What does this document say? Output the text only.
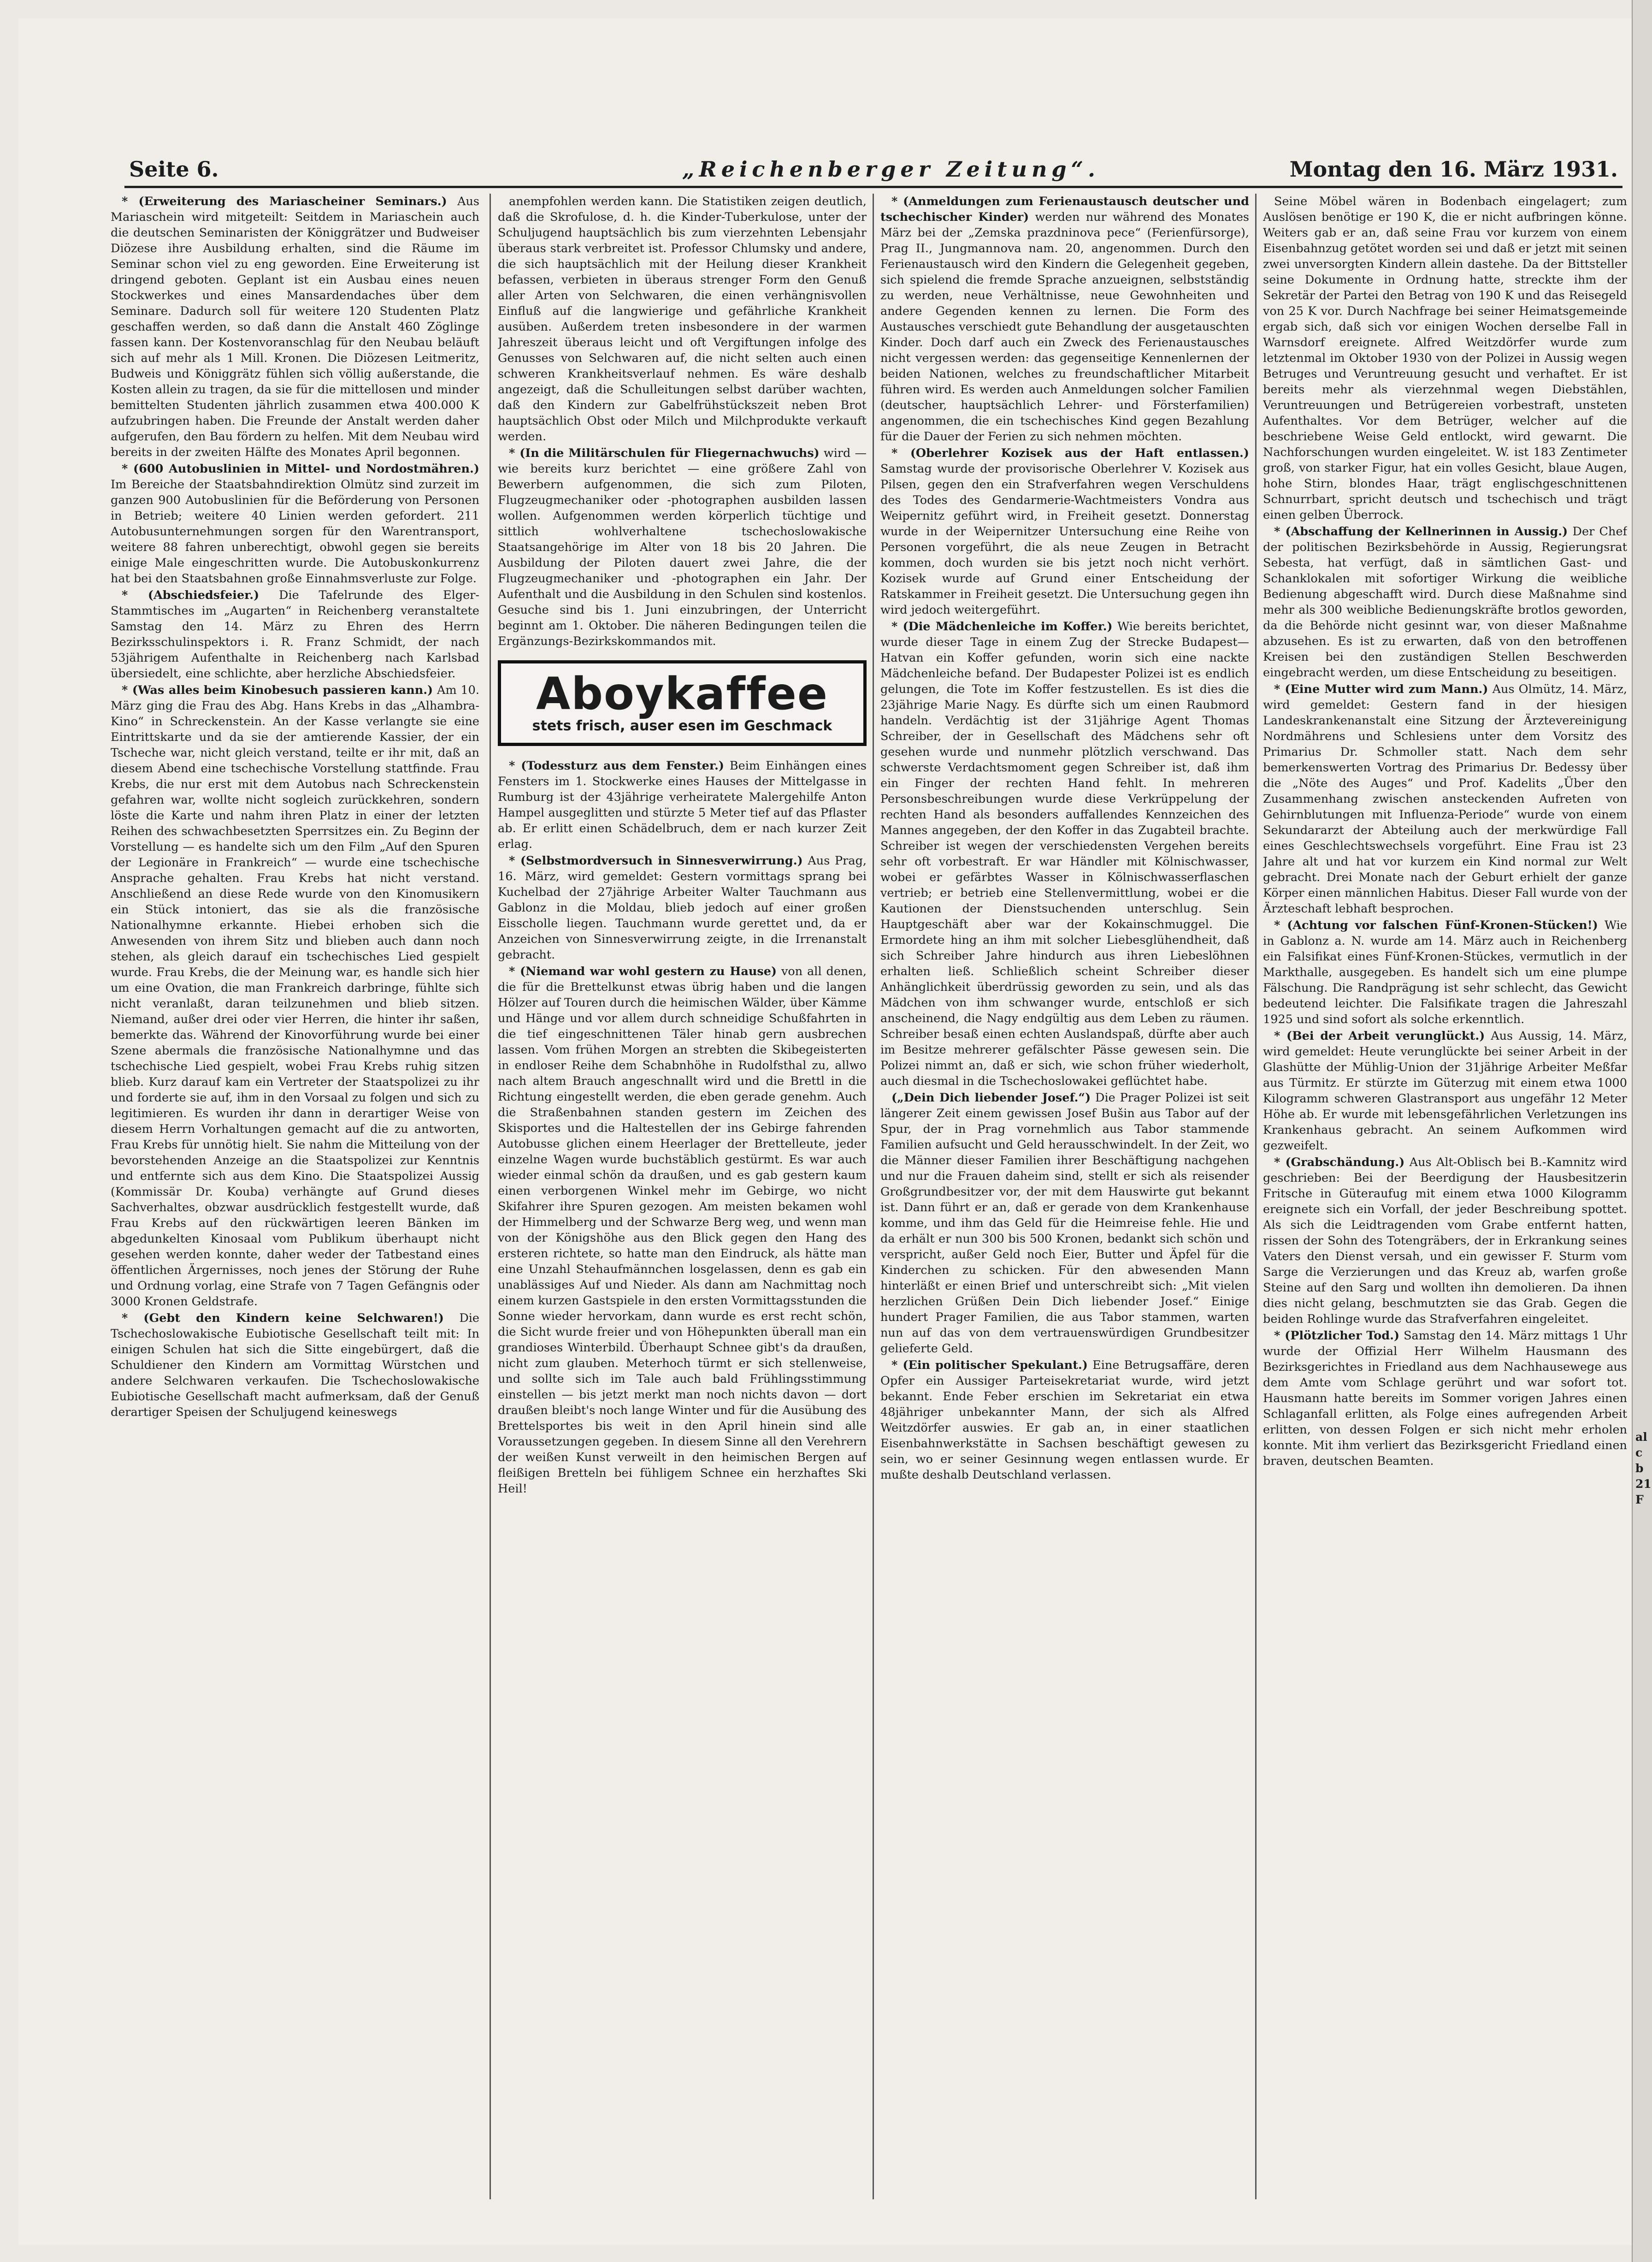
Seite 6.	„Reichenberger Zeitung“.	Montag den 16. März 1931.

* (Erweiterung des Mariascheiner Seminars.) Aus Mariaschein wird mitgeteilt: Seitdem in Mariaschein auch die deutschen Seminaristen der Königgrätzer und Budweiser Diözese ihre Ausbildung erhalten, sind die Räume im Seminar schon viel zu eng geworden. Eine Erweiterung ist dringend geboten. Geplant ist ein Ausbau eines neuen Stockwerkes und eines Mansardendaches über dem Seminare. Dadurch soll für weitere 120 Studenten Platz geschaffen werden, so daß dann die Anstalt 460 Zöglinge fassen kann. Der Kostenvoranschlag für den Neubau beläuft sich auf mehr als 1 Mill. Kronen. Die Diözesen Leitmeritz, Budweis und Königgrätz fühlen sich völlig außerstande, die Kosten allein zu tragen, da sie für die mittellosen und minder bemittelten Studenten jährlich zusammen etwa 400.000 K aufzubringen haben. Die Freunde der Anstalt werden daher aufgerufen, den Bau fördern zu helfen. Mit dem Neubau wird bereits in der zweiten Hälfte des Monates April begonnen.

* (600 Autobuslinien in Mittel- und Nordostmähren.) Im Bereiche der Staatsbahndirektion Olmütz sind zurzeit im ganzen 900 Autobuslinien für die Beförderung von Personen in Betrieb; weitere 40 Linien werden gefordert. 211 Autobusunternehmungen sorgen für den Warentransport, weitere 88 fahren unberechtigt, obwohl gegen sie bereits einige Male eingeschritten wurde. Die Autobuskonkurrenz hat bei den Staatsbahnen große Einnahmsverluste zur Folge.

* (Abschiedsfeier.) Die Tafelrunde des Elger-Stammtisches im „Augarten“ in Reichenberg veranstaltete Samstag den 14. März zu Ehren des Herrn Bezirksschulinspektors i. R. Franz Schmidt, der nach 53jährigem Aufenthalte in Reichenberg nach Karlsbad übersiedelt, eine schlichte, aber herzliche Abschiedsfeier.

* (Was alles beim Kinobesuch passieren kann.) Am 10. März ging die Frau des Abg. Hans Krebs in das „Alhambra-Kino“ in Schreckenstein. An der Kasse verlangte sie eine Eintrittskarte und da sie der amtierende Kassier, der ein Tscheche war, nicht gleich verstand, teilte er ihr mit, daß an diesem Abend eine tschechische Vorstellung stattfinde. Frau Krebs, die nur erst mit dem Autobus nach Schreckenstein gefahren war, wollte nicht sogleich zurückkehren, sondern löste die Karte und nahm ihren Platz in einer der letzten Reihen des schwachbesetzten Sperrsitzes ein. Zu Beginn der Vorstellung — es handelte sich um den Film „Auf den Spuren der Legionäre in Frankreich“ — wurde eine tschechische Ansprache gehalten. Frau Krebs hat nicht verstand. Anschließend an diese Rede wurde von den Kinomusikern ein Stück intoniert, das sie als die französische Nationalhymne erkannte. Hiebei erhoben sich die Anwesenden von ihrem Sitz und blieben auch dann noch stehen, als gleich darauf ein tschechisches Lied gespielt wurde. Frau Krebs, die der Meinung war, es handle sich hier um eine Ovation, die man Frankreich darbringe, fühlte sich nicht veranlaßt, daran teilzunehmen und blieb sitzen. Niemand, außer drei oder vier Herren, die hinter ihr saßen, bemerkte das. Während der Kinovorführung wurde bei einer Szene abermals die französische Nationalhymne und das tschechische Lied gespielt, wobei Frau Krebs ruhig sitzen blieb. Kurz darauf kam ein Vertreter der Staatspolizei zu ihr und forderte sie auf, ihm in den Vorsaal zu folgen und sich zu legitimieren. Es wurden ihr dann in derartiger Weise von diesem Herrn Vorhaltungen gemacht auf die zu antworten, Frau Krebs für unnötig hielt. Sie nahm die Mitteilung von der bevorstehenden Anzeige an die Staatspolizei zur Kenntnis und entfernte sich aus dem Kino. Die Staatspolizei Aussig (Kommissär Dr. Kouba) verhängte auf Grund dieses Sachverhaltes, obzwar ausdrücklich festgestellt wurde, daß Frau Krebs auf den rückwärtigen leeren Bänken im abgedunkelten Kinosaal vom Publikum überhaupt nicht gesehen werden konnte, daher weder der Tatbestand eines öffentlichen Ärgernisses, noch jenes der Störung der Ruhe und Ordnung vorlag, eine Strafe von 7 Tagen Gefängnis oder 3000 Kronen Geldstrafe.

* (Gebt den Kindern keine Selchwaren!) Die Tschechoslowakische Eubiotische Gesellschaft teilt mit: In einigen Schulen hat sich die Sitte eingebürgert, daß die Schuldiener den Kindern am Vormittag Würstchen und andere Selchwaren verkaufen. Die Tschechoslowakische Eubiotische Gesellschaft macht aufmerksam, daß der Genuß derartiger Speisen der Schuljugend keineswegs

anempfohlen werden kann. Die Statistiken zeigen deutlich, daß die Skrofulose, d. h. die Kinder-Tuberkulose, unter der Schuljugend hauptsächlich bis zum vierzehnten Lebensjahr überaus stark verbreitet ist. Professor Chlumsky und andere, die sich hauptsächlich mit der Heilung dieser Krankheit befassen, verbieten in überaus strenger Form den Genuß aller Arten von Selchwaren, die einen verhängnisvollen Einfluß auf die langwierige und gefährliche Krankheit ausüben. Außerdem treten insbesondere in der warmen Jahreszeit überaus leicht und oft Vergiftungen infolge des Genusses von Selchwaren auf, die nicht selten auch einen schweren Krankheitsverlauf nehmen. Es wäre deshalb angezeigt, daß die Schulleitungen selbst darüber wachten, daß den Kindern zur Gabelfrühstückszeit neben Brot hauptsächlich Obst oder Milch und Milchprodukte verkauft werden.

* (In die Militärschulen für Fliegernachwuchs) wird — wie bereits kurz berichtet — eine größere Zahl von Bewerbern aufgenommen, die sich zum Piloten, Flugzeugmechaniker oder -photographen ausbilden lassen wollen. Aufgenommen werden körperlich tüchtige und sittlich wohlverhaltene tschechoslowakische Staatsangehörige im Alter von 18 bis 20 Jahren. Die Ausbildung der Piloten dauert zwei Jahre, die der Flugzeugmechaniker und -photographen ein Jahr. Der Aufenthalt und die Ausbildung in den Schulen sind kostenlos. Gesuche sind bis 1. Juni einzubringen, der Unterricht beginnt am 1. Oktober. Die näheren Bedingungen teilen die Ergänzungs-Bezirkskommandos mit.

Aboykaffee
stets frisch, auser esen im Geschmack

* (Todessturz aus dem Fenster.) Beim Einhängen eines Fensters im 1. Stockwerke eines Hauses der Mittelgasse in Rumburg ist der 43jährige verheiratete Malergehilfe Anton Hampel ausgeglitten und stürzte 5 Meter tief auf das Pflaster ab. Er erlitt einen Schädelbruch, dem er nach kurzer Zeit erlag.

* (Selbstmordversuch in Sinnesverwirrung.) Aus Prag, 16. März, wird gemeldet: Gestern vormittags sprang bei Kuchelbad der 27jährige Arbeiter Walter Tauchmann aus Gablonz in die Moldau, blieb jedoch auf einer großen Eisscholle liegen. Tauchmann wurde gerettet und, da er Anzeichen von Sinnesverwirrung zeigte, in die Irrenanstalt gebracht.

* (Niemand war wohl gestern zu Hause) von all denen, die für die Brettelkunst etwas übrig haben und die langen Hölzer auf Touren durch die heimischen Wälder, über Kämme und Hänge und vor allem durch schneidige Schußfahrten in die tief eingeschnittenen Täler hinab gern ausbrechen lassen. Vom frühen Morgen an strebten die Skibegeisterten in endloser Reihe dem Schabnhöhe in Rudolfsthal zu, allwo nach altem Brauch angeschnallt wird und die Brettl in die Richtung eingestellt werden, die eben gerade genehm. Auch die Straßenbahnen standen gestern im Zeichen des Skisportes und die Haltestellen der ins Gebirge fahrenden Autobusse glichen einem Heerlager der Brettelleute, jeder einzelne Wagen wurde buchstäblich gestürmt. Es war auch wieder einmal schön da draußen, und es gab gestern kaum einen verborgenen Winkel mehr im Gebirge, wo nicht Skifahrer ihre Spuren gezogen. Am meisten bekamen wohl der Himmelberg und der Schwarze Berg weg, und wenn man von der Königshöhe aus den Blick gegen den Hang des ersteren richtete, so hatte man den Eindruck, als hätte man eine Unzahl Stehaufmännchen losgelassen, denn es gab ein unablässiges Auf und Nieder. Als dann am Nachmittag noch einem kurzen Gastspiele in den ersten Vormittagsstunden die Sonne wieder hervorkam, dann wurde es erst recht schön, die Sicht wurde freier und von Höhepunkten überall man ein grandioses Winterbild. Überhaupt Schnee gibt's da draußen, nicht zum glauben. Meterhoch türmt er sich stellenweise, und sollte sich im Tale auch bald Frühlingsstimmung einstellen — bis jetzt merkt man noch nichts davon — dort draußen bleibt's noch lange Winter und für die Ausübung des Brettelsportes bis weit in den April hinein sind alle Voraussetzungen gegeben. In diesem Sinne all den Verehrern der weißen Kunst verweilt in den heimischen Bergen auf fleißigen Bretteln bei fühligem Schnee ein herzhaftes Ski Heil!

* (Anmeldungen zum Ferienaustausch deutscher und tschechischer Kinder) werden nur während des Monates März bei der „Zemska prazdninova pece“ (Ferienfürsorge), Prag II., Jungmannova nam. 20, angenommen. Durch den Ferienaustausch wird den Kindern die Gelegenheit gegeben, sich spielend die fremde Sprache anzueignen, selbstständig zu werden, neue Verhältnisse, neue Gewohnheiten und andere Gegenden kennen zu lernen. Die Form des Austausches verschiedt gute Behandlung der ausgetauschten Kinder. Doch darf auch ein Zweck des Ferienaustausches nicht vergessen werden: das gegenseitige Kennenlernen der beiden Nationen, welches zu freundschaftlicher Mitarbeit führen wird. Es werden auch Anmeldungen solcher Familien (deutscher, hauptsächlich Lehrer- und Försterfamilien) angenommen, die ein tschechisches Kind gegen Bezahlung für die Dauer der Ferien zu sich nehmen möchten.

* (Oberlehrer Kozisek aus der Haft entlassen.) Samstag wurde der provisorische Oberlehrer V. Kozisek aus Pilsen, gegen den ein Strafverfahren wegen Verschuldens des Todes des Gendarmerie-Wachtmeisters Vondra aus Weipernitz geführt wird, in Freiheit gesetzt. Donnerstag wurde in der Weipernitzer Untersuchung eine Reihe von Personen vorgeführt, die als neue Zeugen in Betracht kommen, doch wurden sie bis jetzt noch nicht verhört. Kozisek wurde auf Grund einer Entscheidung der Ratskammer in Freiheit gesetzt. Die Untersuchung gegen ihn wird jedoch weitergeführt.

* (Die Mädchenleiche im Koffer.) Wie bereits berichtet, wurde dieser Tage in einem Zug der Strecke Budapest—Hatvan ein Koffer gefunden, worin sich eine nackte Mädchenleiche befand. Der Budapester Polizei ist es endlich gelungen, die Tote im Koffer festzustellen. Es ist dies die 23jährige Marie Nagy. Es dürfte sich um einen Raubmord handeln. Verdächtig ist der 31jährige Agent Thomas Schreiber, der in Gesellschaft des Mädchens sehr oft gesehen wurde und nunmehr plötzlich verschwand. Das schwerste Verdachtsmoment gegen Schreiber ist, daß ihm ein Finger der rechten Hand fehlt. In mehreren Personsbeschreibungen wurde diese Verkrüppelung der rechten Hand als besonders auffallendes Kennzeichen des Mannes angegeben, der den Koffer in das Zugabteil brachte. Schreiber ist wegen der verschiedensten Vergehen bereits sehr oft vorbestraft. Er war Händler mit Kölnischwasser, wobei er gefärbtes Wasser in Kölnischwasserflaschen vertrieb; er betrieb eine Stellenvermittlung, wobei er die Kautionen der Dienstsuchenden unterschlug. Sein Hauptgeschäft aber war der Kokainschmuggel. Die Ermordete hing an ihm mit solcher Liebesglühendheit, daß sich Schreiber Jahre hindurch aus ihren Liebeslöhnen erhalten ließ. Schließlich scheint Schreiber dieser Anhänglichkeit überdrüssig geworden zu sein, und als das Mädchen von ihm schwanger wurde, entschloß er sich anscheinend, die Nagy endgültig aus dem Leben zu räumen. Schreiber besaß einen echten Auslandspaß, dürfte aber auch im Besitze mehrerer gefälschter Pässe gewesen sein. Die Polizei nimmt an, daß er sich, wie schon früher wiederholt, auch diesmal in die Tschechoslowakei geflüchtet habe.

(„Dein Dich liebender Josef.“) Die Prager Polizei ist seit längerer Zeit einem gewissen Josef Bušin aus Tabor auf der Spur, der in Prag vornehmlich aus Tabor stammende Familien aufsucht und Geld herausschwindelt. In der Zeit, wo die Männer dieser Familien ihrer Beschäftigung nachgehen und nur die Frauen daheim sind, stellt er sich als reisender Großgrundbesitzer vor, der mit dem Hauswirte gut bekannt ist. Dann führt er an, daß er gerade von dem Krankenhause komme, und ihm das Geld für die Heimreise fehle. Hie und da erhält er nun 300 bis 500 Kronen, bedankt sich schön und verspricht, außer Geld noch Eier, Butter und Äpfel für die Kinderchen zu schicken. Für den abwesenden Mann hinterläßt er einen Brief und unterschreibt sich: „Mit vielen herzlichen Grüßen Dein Dich liebender Josef.“ Einige hundert Prager Familien, die aus Tabor stammen, warten nun auf das von dem vertrauenswürdigen Grundbesitzer gelieferte Geld.

* (Ein politischer Spekulant.) Eine Betrugsaffäre, deren Opfer ein Aussiger Parteisekretariat wurde, wird jetzt bekannt. Ende Feber erschien im Sekretariat ein etwa 48jähriger unbekannter Mann, der sich als Alfred Weitzdörfer auswies. Er gab an, in einer staatlichen Eisenbahnwerkstätte in Sachsen beschäftigt gewesen zu sein, wo er seiner Gesinnung wegen entlassen wurde. Er mußte deshalb Deutschland verlassen.

Seine Möbel wären in Bodenbach eingelagert; zum Auslösen benötige er 190 K, die er nicht aufbringen könne. Weiters gab er an, daß seine Frau vor kurzem von einem Eisenbahnzug getötet worden sei und daß er jetzt mit seinen zwei unversorgten Kindern allein dastehe. Da der Bittsteller seine Dokumente in Ordnung hatte, streckte ihm der Sekretär der Partei den Betrag von 190 K und das Reisegeld von 25 K vor. Durch Nachfrage bei seiner Heimatsgemeinde ergab sich, daß sich vor einigen Wochen derselbe Fall in Warnsdorf ereignete. Alfred Weitzdörfer wurde zum letztenmal im Oktober 1930 von der Polizei in Aussig wegen Betruges und Veruntreuung gesucht und verhaftet. Er ist bereits mehr als vierzehnmal wegen Diebstählen, Veruntreuungen und Betrügereien vorbestraft, unsteten Aufenthaltes. Vor dem Betrüger, welcher auf die beschriebene Weise Geld entlockt, wird gewarnt. Die Nachforschungen wurden eingeleitet. W. ist 183 Zentimeter groß, von starker Figur, hat ein volles Gesicht, blaue Augen, hohe Stirn, blondes Haar, trägt englischgeschnittenen Schnurrbart, spricht deutsch und tschechisch und trägt einen gelben Überrock.

* (Abschaffung der Kellnerinnen in Aussig.) Der Chef der politischen Bezirksbehörde in Aussig, Regierungsrat Sebesta, hat verfügt, daß in sämtlichen Gast- und Schanklokalen mit sofortiger Wirkung die weibliche Bedienung abgeschafft wird. Durch diese Maßnahme sind mehr als 300 weibliche Bedienungskräfte brotlos geworden, da die Behörde nicht gesinnt war, von dieser Maßnahme abzusehen. Es ist zu erwarten, daß von den betroffenen Kreisen bei den zuständigen Stellen Beschwerden eingebracht werden, um diese Entscheidung zu beseitigen.

* (Eine Mutter wird zum Mann.) Aus Olmütz, 14. März, wird gemeldet: Gestern fand in der hiesigen Landeskrankenanstalt eine Sitzung der Ärztevereinigung Nordmährens und Schlesiens unter dem Vorsitz des Primarius Dr. Schmoller statt. Nach dem sehr bemerkenswerten Vortrag des Primarius Dr. Bedessy über die „Nöte des Auges“ und Prof. Kadelits „Über den Zusammenhang zwischen ansteckenden Aufreten von Gehirnblutungen mit Influenza-Periode“ wurde von einem Sekundararzt der Abteilung auch der merkwürdige Fall eines Geschlechtswechsels vorgeführt. Eine Frau ist 23 Jahre alt und hat vor kurzem ein Kind normal zur Welt gebracht. Drei Monate nach der Geburt erhielt der ganze Körper einen männlichen Habitus. Dieser Fall wurde von der Ärzteschaft lebhaft besprochen.

* (Achtung vor falschen Fünf-Kronen-Stücken!) Wie in Gablonz a. N. wurde am 14. März auch in Reichenberg ein Falsifikat eines Fünf-Kronen-Stückes, vermutlich in der Markthalle, ausgegeben. Es handelt sich um eine plumpe Fälschung. Die Randprägung ist sehr schlecht, das Gewicht bedeutend leichter. Die Falsifikate tragen die Jahreszahl 1925 und sind sofort als solche erkenntlich.

* (Bei der Arbeit verunglückt.) Aus Aussig, 14. März, wird gemeldet: Heute verunglückte bei seiner Arbeit in der Glashütte der Mühlig-Union der 31jährige Arbeiter Meßfar aus Türmitz. Er stürzte im Güterzug mit einem etwa 1000 Kilogramm schweren Glastransport aus ungefähr 12 Meter Höhe ab. Er wurde mit lebensgefährlichen Verletzungen ins Krankenhaus gebracht. An seinem Aufkommen wird gezweifelt.

* (Grabschändung.) Aus Alt-Oblisch bei B.-Kamnitz wird geschrieben: Bei der Beerdigung der Hausbesitzerin Fritsche in Güteraufug mit einem etwa 1000 Kilogramm ereignete sich ein Vorfall, der jeder Beschreibung spottet. Als sich die Leidtragenden vom Grabe entfernt hatten, rissen der Sohn des Totengräbers, der in Erkrankung seines Vaters den Dienst versah, und ein gewisser F. Sturm vom Sarge die Verzierungen und das Kreuz ab, warfen große Steine auf den Sarg und wollten ihn demolieren. Da ihnen dies nicht gelang, beschmutzten sie das Grab. Gegen die beiden Rohlinge wurde das Strafverfahren eingeleitet.

* (Plötzlicher Tod.) Samstag den 14. März mittags 1 Uhr wurde der Offizial Herr Wilhelm Hausmann des Bezirksgerichtes in Friedland aus dem Nachhausewege aus dem Amte vom Schlage gerührt und war sofort tot. Hausmann hatte bereits im Sommer vorigen Jahres einen Schlaganfall erlitten, als Folge eines aufregenden Arbeit erlitten, von dessen Folgen er sich nicht mehr erholen konnte. Mit ihm verliert das Bezirksgericht Friedland einen braven, deutschen Beamten.

al c b 21 F
